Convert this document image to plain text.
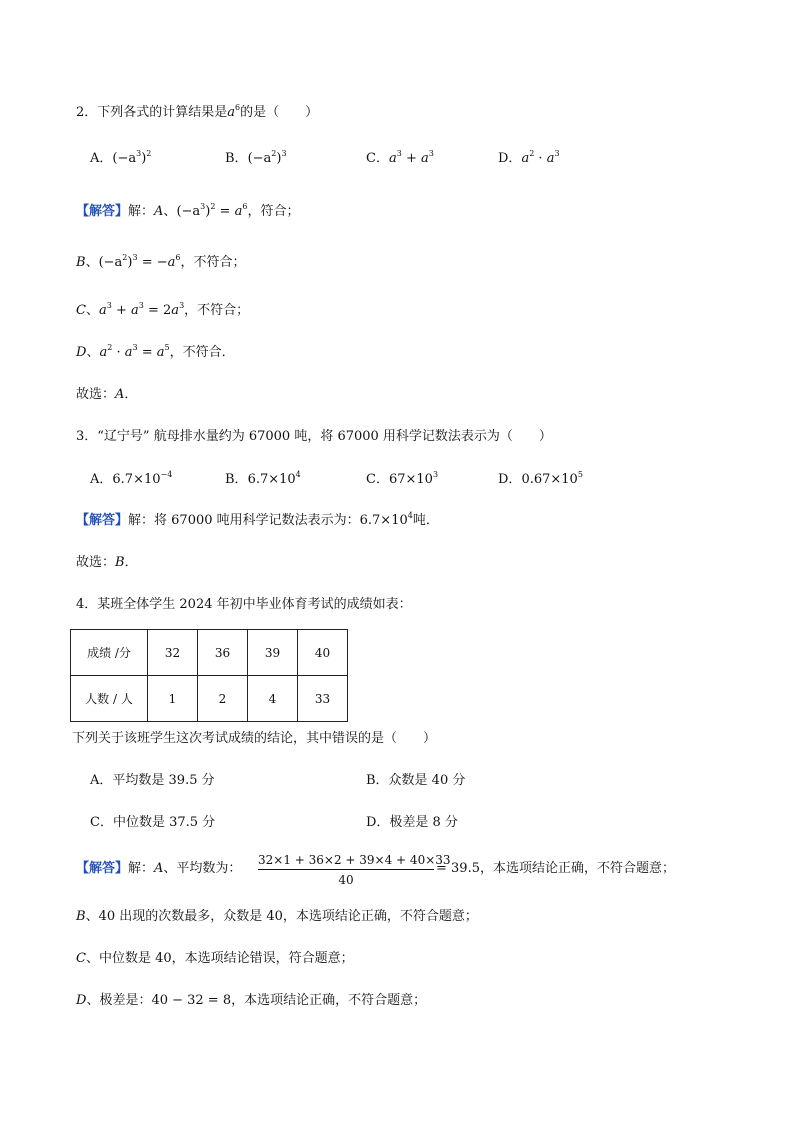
2．下列各式的计算结果是$a^6$的是（　　）
A．$(-a^3)^2$	B．$(-a^2)^3$	C．$a^3 + a^3$	D．$a^2 \cdot a^3$
【解答】解：A、$(-a^3)^2 = a^6$，符合；
B、$(-a^2)^3 = -a^6$，不符合；
C、$a^3 + a^3 = 2a^3$，不符合；
D、$a^2 \cdot a^3 = a^5$，不符合．
故选：A．
3．“辽宁号” 航母排水量约为 67000 吨，将 67000 用科学记数法表示为（　　）
A．$6.7\times 10^{-4}$	B．$6.7\times 10^4$	C．$67\times 10^3$	D．$0.67\times 10^5$
【解答】解：将 67000 吨用科学记数法表示为：$6.7\times 10^4$吨．
故选：B．
4．某班全体学生 2024 年初中毕业体育考试的成绩如表：
成绩 /分	32	36	39	40
人数 / 人	1	2	4	33
下列关于该班学生这次考试成绩的结论，其中错误的是（　　）
A．平均数是 39.5 分	B．众数是 40 分
C．中位数是 37.5 分	D．极差是 8 分
【解答】解：A、平均数为： $\frac{32\times 1 + 36\times 2 + 39\times 4 + 40\times 33}{40} = 39.5$，本选项结论正确，不符合题意；
B、40 出现的次数最多，众数是 40，本选项结论正确，不符合题意；
C、中位数是 40，本选项结论错误，符合题意；
D、极差是：40 − 32 = 8，本选项结论正确，不符合题意；
